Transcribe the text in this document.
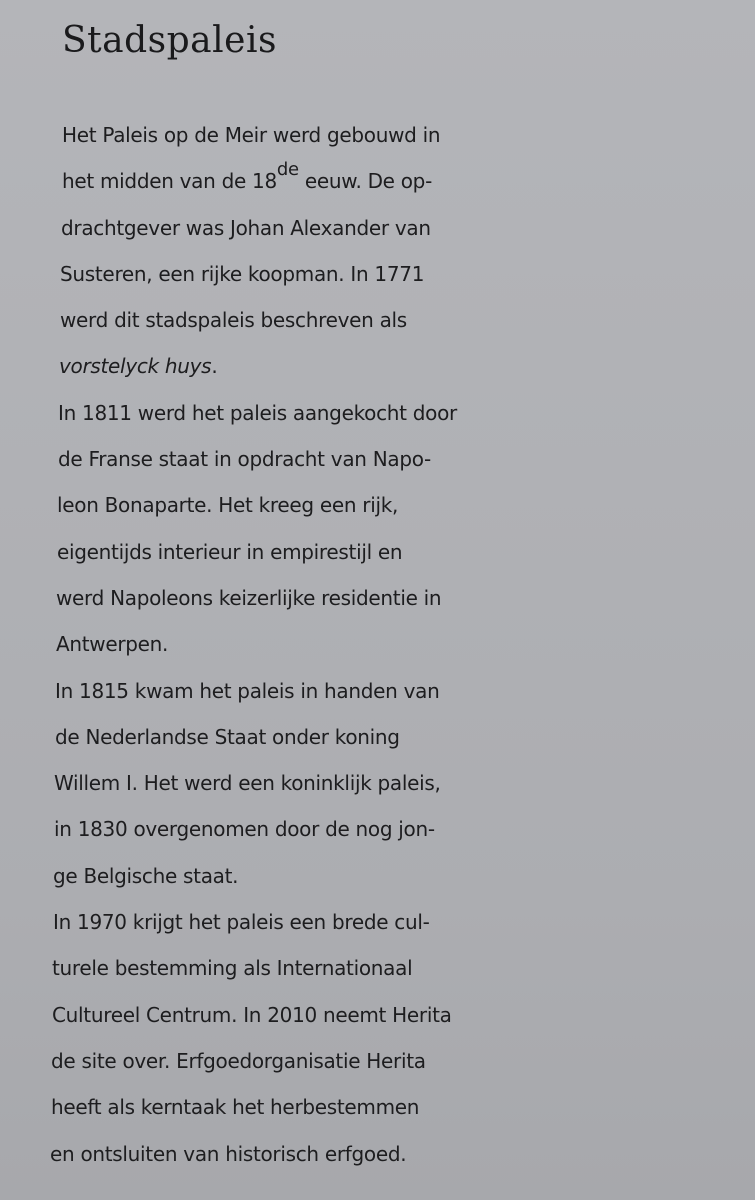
Stadspaleis
Het Paleis op de Meir werd gebouwd in
het midden van de 18de eeuw. De op-
drachtgever was Johan Alexander van
Susteren, een rijke koopman. In 1771
werd dit stadspaleis beschreven als
vorstelyck huys.
In 1811 werd het paleis aangekocht door
de Franse staat in opdracht van Napo-
leon Bonaparte. Het kreeg een rijk,
eigentijds interieur in empirestijl en
werd Napoleons keizerlijke residentie in
Antwerpen.
In 1815 kwam het paleis in handen van
de Nederlandse Staat onder koning
Willem I. Het werd een koninklijk paleis,
in 1830 overgenomen door de nog jon-
ge Belgische staat.
In 1970 krijgt het paleis een brede cul-
turele bestemming als Internationaal
Cultureel Centrum. In 2010 neemt Herita
de site over. Erfgoedorganisatie Herita
heeft als kerntaak het herbestemmen
en ontsluiten van historisch erfgoed.
